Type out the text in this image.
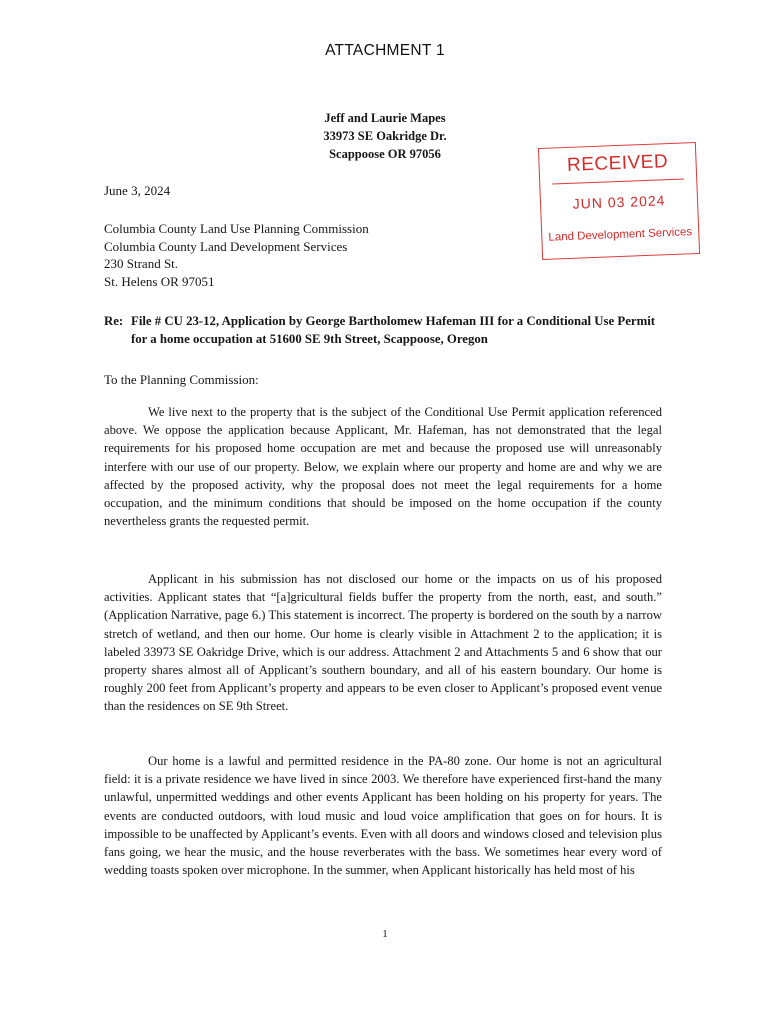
ATTACHMENT 1
Jeff and Laurie Mapes
33973 SE Oakridge Dr.
Scappoose OR 97056	RECEIVED
JUN 03 2024
Land Development Services
June 3, 2024
Columbia County Land Use Planning Commission
Columbia County Land Development Services
230 Strand St.
St. Helens OR 97051
Re: File # CU 23-12, Application by George Bartholomew Hafeman III for a Conditional Use Permit for a home occupation at 51600 SE 9th Street, Scappoose, Oregon
To the Planning Commission:

We live next to the property that is the subject of the Conditional Use Permit application referenced above. We oppose the application because Applicant, Mr. Hafeman, has not demonstrated that the legal requirements for his proposed home occupation are met and because the proposed use will unreasonably interfere with our use of our property. Below, we explain where our property and home are and why we are affected by the proposed activity, why the proposal does not meet the legal requirements for a home occupation, and the minimum conditions that should be imposed on the home occupation if the county nevertheless grants the requested permit.

Applicant in his submission has not disclosed our home or the impacts on us of his proposed activities. Applicant states that “[a]gricultural fields buffer the property from the north, east, and south.” (Application Narrative, page 6.) This statement is incorrect. The property is bordered on the south by a narrow stretch of wetland, and then our home. Our home is clearly visible in Attachment 2 to the application; it is labeled 33973 SE Oakridge Drive, which is our address. Attachment 2 and Attachments 5 and 6 show that our property shares almost all of Applicant’s southern boundary, and all of his eastern boundary. Our home is roughly 200 feet from Applicant’s property and appears to be even closer to Applicant’s proposed event venue than the residences on SE 9th Street.

Our home is a lawful and permitted residence in the PA-80 zone. Our home is not an agricultural field: it is a private residence we have lived in since 2003. We therefore have experienced first-hand the many unlawful, unpermitted weddings and other events Applicant has been holding on his property for years. The events are conducted outdoors, with loud music and loud voice amplification that goes on for hours. It is impossible to be unaffected by Applicant’s events. Even with all doors and windows closed and television plus fans going, we hear the music, and the house reverberates with the bass. We sometimes hear every word of wedding toasts spoken over microphone. In the summer, when Applicant historically has held most of his

1
